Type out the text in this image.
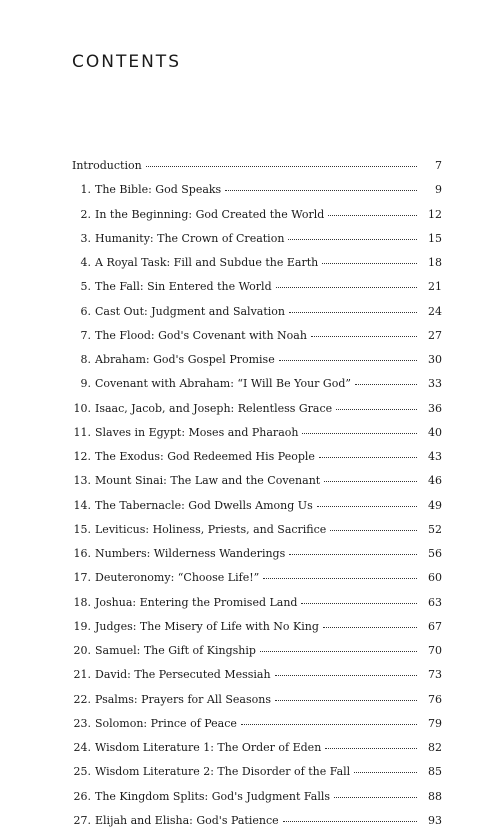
CONTENTS
Introduction	7
1. The Bible: God Speaks	9
2. In the Beginning: God Created the World	12
3. Humanity: The Crown of Creation	15
4. A Royal Task: Fill and Subdue the Earth	18
5. The Fall: Sin Entered the World	21
6. Cast Out: Judgment and Salvation	24
7. The Flood: God's Covenant with Noah	27
8. Abraham: God's Gospel Promise	30
9. Covenant with Abraham: “I Will Be Your God”	33
10. Isaac, Jacob, and Joseph: Relentless Grace	36
11. Slaves in Egypt: Moses and Pharaoh	40
12. The Exodus: God Redeemed His People	43
13. Mount Sinai: The Law and the Covenant	46
14. The Tabernacle: God Dwells Among Us	49
15. Leviticus: Holiness, Priests, and Sacrifice	52
16. Numbers: Wilderness Wanderings	56
17. Deuteronomy: “Choose Life!”	60
18. Joshua: Entering the Promised Land	63
19. Judges: The Misery of Life with No King	67
20. Samuel: The Gift of Kingship	70
21. David: The Persecuted Messiah	73
22. Psalms: Prayers for All Seasons	76
23. Solomon: Prince of Peace	79
24. Wisdom Literature 1: The Order of Eden	82
25. Wisdom Literature 2: The Disorder of the Fall	85
26. The Kingdom Splits: God's Judgment Falls	88
27. Elijah and Elisha: God's Patience	93
